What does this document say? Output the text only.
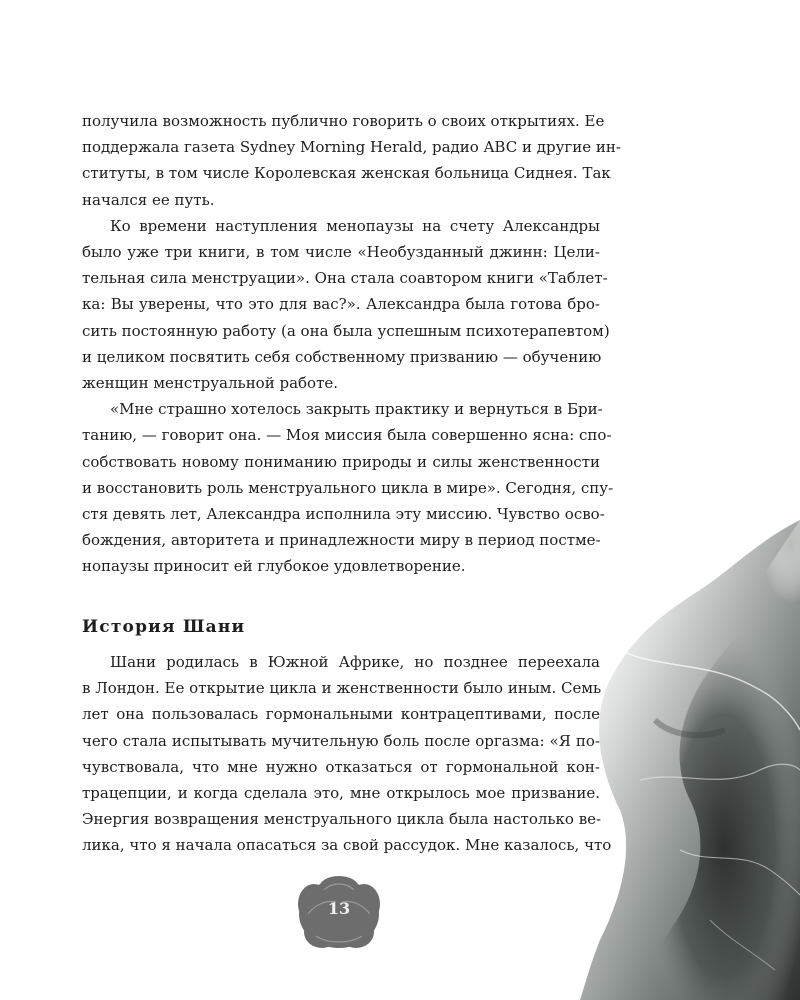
получила возможность публично говорить о своих открытиях. Ее
поддержала газета Sydney Morning Herald, радио ABC и другие ин-
ституты, в том числе Королевская женская больница Сиднея. Так
начался ее путь.

Ко времени наступления менопаузы на счету Александры
было уже три книги, в том числе «Необузданный джинн: Цели-
тельная сила менструации». Она стала соавтором книги «Таблет-
ка: Вы уверены, что это для вас?». Александра была готова бро-
сить постоянную работу (а она была успешным психотерапевтом)
и целиком посвятить себя собственному призванию — обучению
женщин менструальной работе.

«Мне страшно хотелось закрыть практику и вернуться в Бри-
танию, — говорит она. — Моя миссия была совершенно ясна: спо-
собствовать новому пониманию природы и силы женственности
и восстановить роль менструального цикла в мире». Сегодня, спу-
стя девять лет, Александра исполнила эту миссию. Чувство осво-
бождения, авторитета и принадлежности миру в период постме-
нопаузы приносит ей глубокое удовлетворение.

История Шани

Шани родилась в Южной Африке, но позднее переехала
в Лондон. Ее открытие цикла и женственности было иным. Семь
лет она пользовалась гормональными контрацептивами, после
чего стала испытывать мучительную боль после оргазма: «Я по-
чувствовала, что мне нужно отказаться от гормональной кон-
трацепции, и когда сделала это, мне открылось мое призвание.
Энергия возвращения менструального цикла была настолько ве-
лика, что я начала опасаться за свой рассудок. Мне казалось, что

13
